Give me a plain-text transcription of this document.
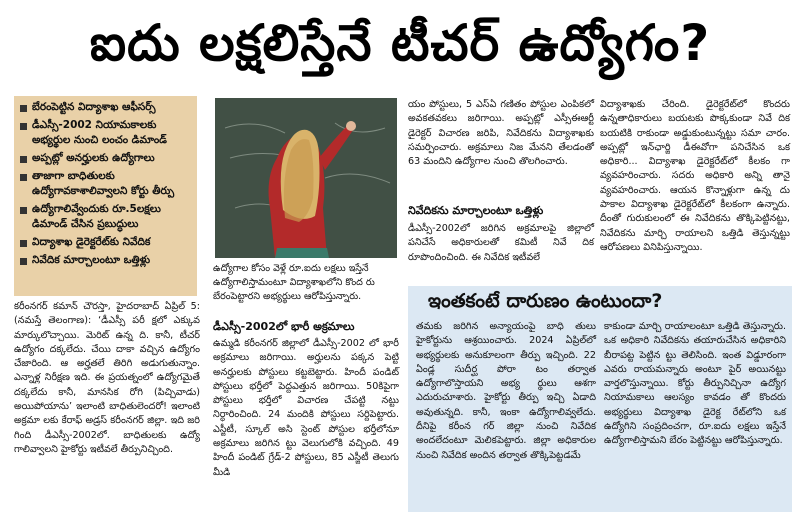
ఐదు లక్షలిస్తేనే టీచర్ ఉద్యోగం?
బేరంపెట్టిన విద్యాశాఖ ఆఫీసర్స్
డీఎస్సీ-2002 నియామకాలకు అభ్యర్థుల నుంచి లంచం డిమాండ్
అప్పట్లో అనర్హులకు ఉద్యోగాలు
తాజాగా బాధితులకు ఉద్యోగావకాశాలివ్వాలని కోర్టు తీర్పు
ఉద్యోగాలివ్వేందుకు రూ.5లక్షలు డిమాండ్ చేసిన ప్రబుద్ధులు
విద్యాశాఖ డైరెక్టరేట్‌కు నివేదిక
నివేదిక మార్చాలంటూ ఒత్తిళ్లు
ఉద్యోగాల కోసం వెళ్లే రూ.ఐదు లక్షలు ఇస్తేనే ఉద్యోగాలిస్తామంటూ విద్యాశాఖలోని కొంద రు బేరంపెట్టారని అభ్యర్థులు ఆరోపిస్తున్నారు.
కరీంనగర్ కమాన్ చౌరస్తా, హైదరాబాద్ ఏప్రిల్ 5: (నమస్తే తెలంగాణ): ‘డీఎస్సీ పరీ క్షలో ఎక్కువ మార్కులొచ్చాయి. మెరిట్ ఉన్న ది. కానీ, టీచర్ ఉద్యోగం దక్కలేదు. చేయి దాకా వచ్చిన ఉద్యోగం చేజారింది. ఆ అర్హతలే తిరిగి అడుగుతున్నాం. ఎన్నాళ్ల నిరీక్షణ ఇది. ఈ ప్రయత్నంలో ఉద్యోగమైతే దక్కలేదు కానీ, మానసిక రోగి (పిచ్చివాడు) అయిపోయాను’ ఇలాంటి బాధితులెందరో! ఇలాంటి అక్రమా లకు కేరాఫ్ అడ్రస్ కరీంనగర్ జిల్లా. ఇది జరి గింది డీఎస్సీ-2002లో. బాధితులకు ఉద్యో గాలివ్వాలని హైకోర్టు ఇటీవలే తీర్పునిచ్చింది.
డీఎస్సీ-2002లో భారీ అక్రమాలు
ఉమ్మడి కరీంనగర్ జిల్లాలో డీఎస్సీ-2002 లో భారీ అక్రమాలు జరిగాయి. అర్హులను పక్కన పెట్టి అనర్హులకు పోస్టులు కట్టబెట్టారు. హిందీ పండిట్ పోస్టులు భర్తీలో పెద్దఎత్తున జరిగాయి. 50కిపైగా పోస్టులు భర్తీలో విచారణ చేపట్టి నట్టు నిర్ధారించింది. 24 మందికి పోస్టులు సర్దిపెట్టారు. ఎస్జీటీ, స్కూల్ అసి స్టెంట్ పోస్టుల భర్తీలోనూ అక్రమాలు జరిగిన ట్టు వెలుగులోకి వచ్చింది. 49 హిందీ పండిట్ గ్రేడ్-2 పోస్టులు, 85 ఎస్జీటీ తెలుగు మీడి
యం పోస్టులు, 5 ఎస్ఏ గణితం పోస్టుల ఎంపికలో అవకతవకలు జరిగాయి. అప్పట్లో ఎస్సీఈఆర్టీ డైరెక్టర్ విచారణ జరిపి, నివేదికను విద్యాశాఖకు సమర్పించారు. అక్రమాలు నిజ మేనని తేలడంతో 63 మందిని ఉద్యోగాల నుంచి తొలగించారు.
నివేదికను మార్చాలంటూ ఒత్తిళ్లు
డీఎస్సీ-2002లో జరిగిన అక్రమాలపై జిల్లాలో పనిచేసే అధికారులతో కమిటీ నివే దిక రూపొందించింది. ఈ నివేదిక ఇటీవలే
విద్యాశాఖకు చేరింది. డైరెక్టరేట్‌లో కొందరు ఉన్నతాధికారులు బయటకు పొక్కకుండా నివే దిక బయటికి రాకుండా అడ్డుకుంటున్నట్టు సమా చారం. అప్పట్లో ఇన్‌ఛార్జి డీఈవోగా పనిచేసిన ఒక అధికారి... విద్యాశాఖ డైరెక్టరేట్‌లో కీలకం గా వ్యవహరించారు. సదరు అధికారి అన్ని తానై వ్యవహరించారు. ఆయన కొన్నాళ్లుగా ఉన్న దు పాకాల విద్యాశాఖ డైరెక్టరేట్‌లో కీలకంగా ఉన్నారు. దీంతో గురుకులంలో ఈ నివేదికను తొక్కిపెట్టినట్టు, నివేదికను మార్చి రాయాలని ఒత్తిడి తెస్తున్నట్టు ఆరోపణలు వినిపిస్తున్నాయి.
ఇంతకంటే దారుణం ఉంటుందా?
తమకు జరిగిన అన్యాయంపై బాధి తులు హైకోర్టును ఆశ్రయించారు. 2024 ఏప్రిల్‌లో అభ్యర్థులకు అనుకూలంగా తీర్పు ఇచ్చింది. 22 ఏండ్ల సుదీర్ఘ పోరా టం తర్వాత ఉద్యోగాలొస్తాయని అభ్య ర్థులు ఆశగా ఎదురుచూశారు. హైకోర్టు తీర్పు ఇచ్చి ఏడాది అవుతున్నది. కానీ, ఇంకా ఉద్యోగాలివ్వలేదు. దీనిపై కరీంన గర్ జిల్లా నుంచి నివేదిక అందలేదంటూ మెలికపెట్టారు. జిల్లా అధికారుల నుంచి నివేదిక అందిన తర్వాత తొక్కిపెట్టడమే
కాకుండా మార్చి రాయాలంటూ ఒత్తిడి తెస్తున్నారు. ఒక అధికారి నివేదికను తయారుచేసిన అధికారిని బీరాపట్ట పెట్టిన ట్టు తెలిసింది. ఇంత విడ్డూరంగా ఎవరు రాయమన్నారు అంటూ పైర్ అయినట్టు వార్తలొస్తున్నాయి. కోర్టు తీర్పునిచ్చినా ఉద్యోగ నియామకాలు ఆలస్యం కావడం తో కొందరు అభ్యర్థులు విద్యాశాఖ డైరెక్ట రేట్‌లోని ఒక ఉద్యోగిని సంప్రదించగా, రూ.ఐదు లక్షలు ఇస్తేనే ఉద్యోగాలిస్తామని బేరం పెట్టినట్టు ఆరోపిస్తున్నారు.
